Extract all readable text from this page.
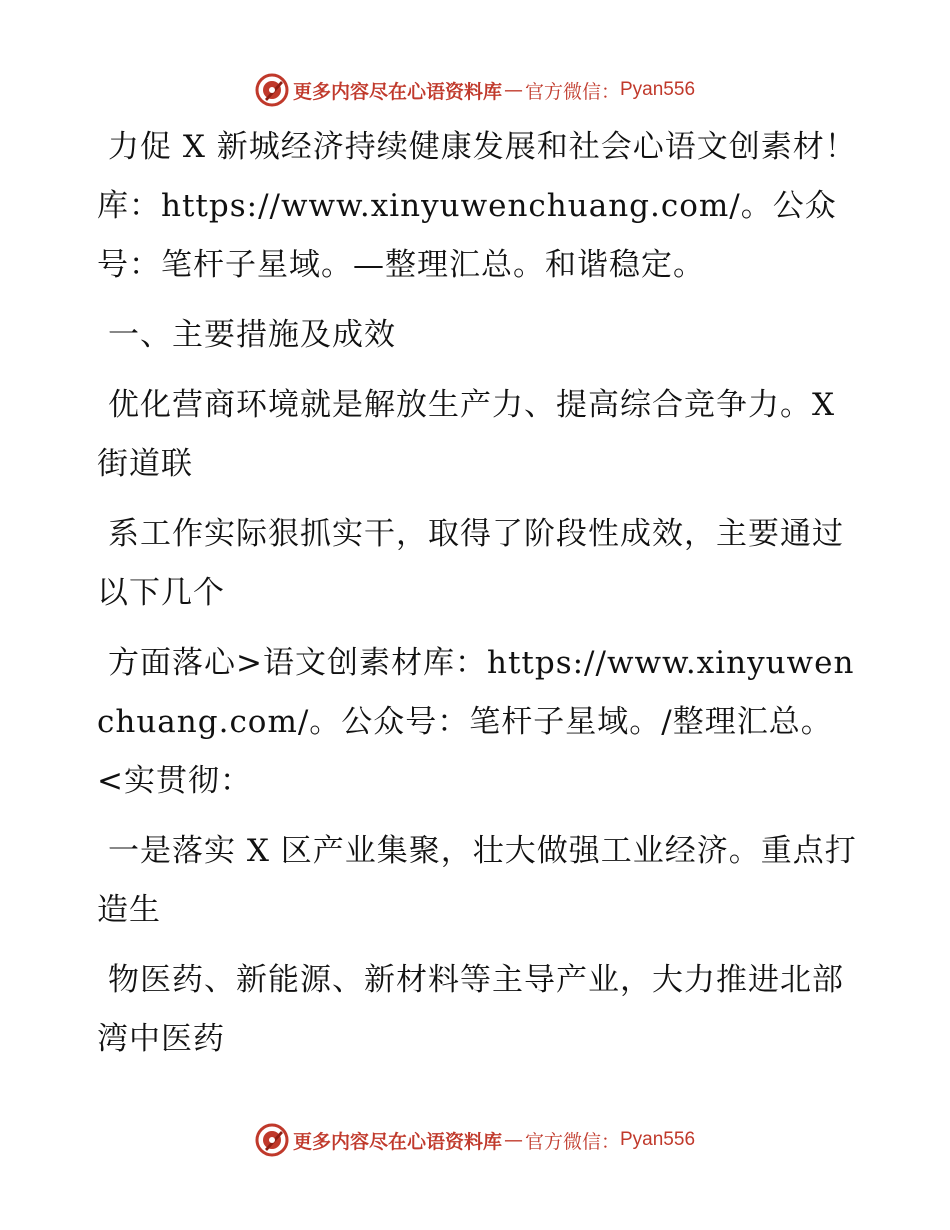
更多内容尽在心语资料库 — 官方微信： Pyan556

力促 X 新城经济持续健康发展和社会心语文创素材！库：https://www.xinyuwenchuang.com/。公众号：笔杆子星域。—整理汇总。和谐稳定。

一、主要措施及成效

优化营商环境就是解放生产力、提高综合竞争力。X 街道联

系工作实际狠抓实干，取得了阶段性成效，主要通过以下几个

方面落心>语文创素材库：https://www.xinyuwenchuang.com/。公众号：笔杆子星域。/整理汇总。<实贯彻：

一是落实 X 区产业集聚，壮大做强工业经济。重点打造生

物医药、新能源、新材料等主导产业，大力推进北部湾中医药

更多内容尽在心语资料库 — 官方微信： Pyan556
